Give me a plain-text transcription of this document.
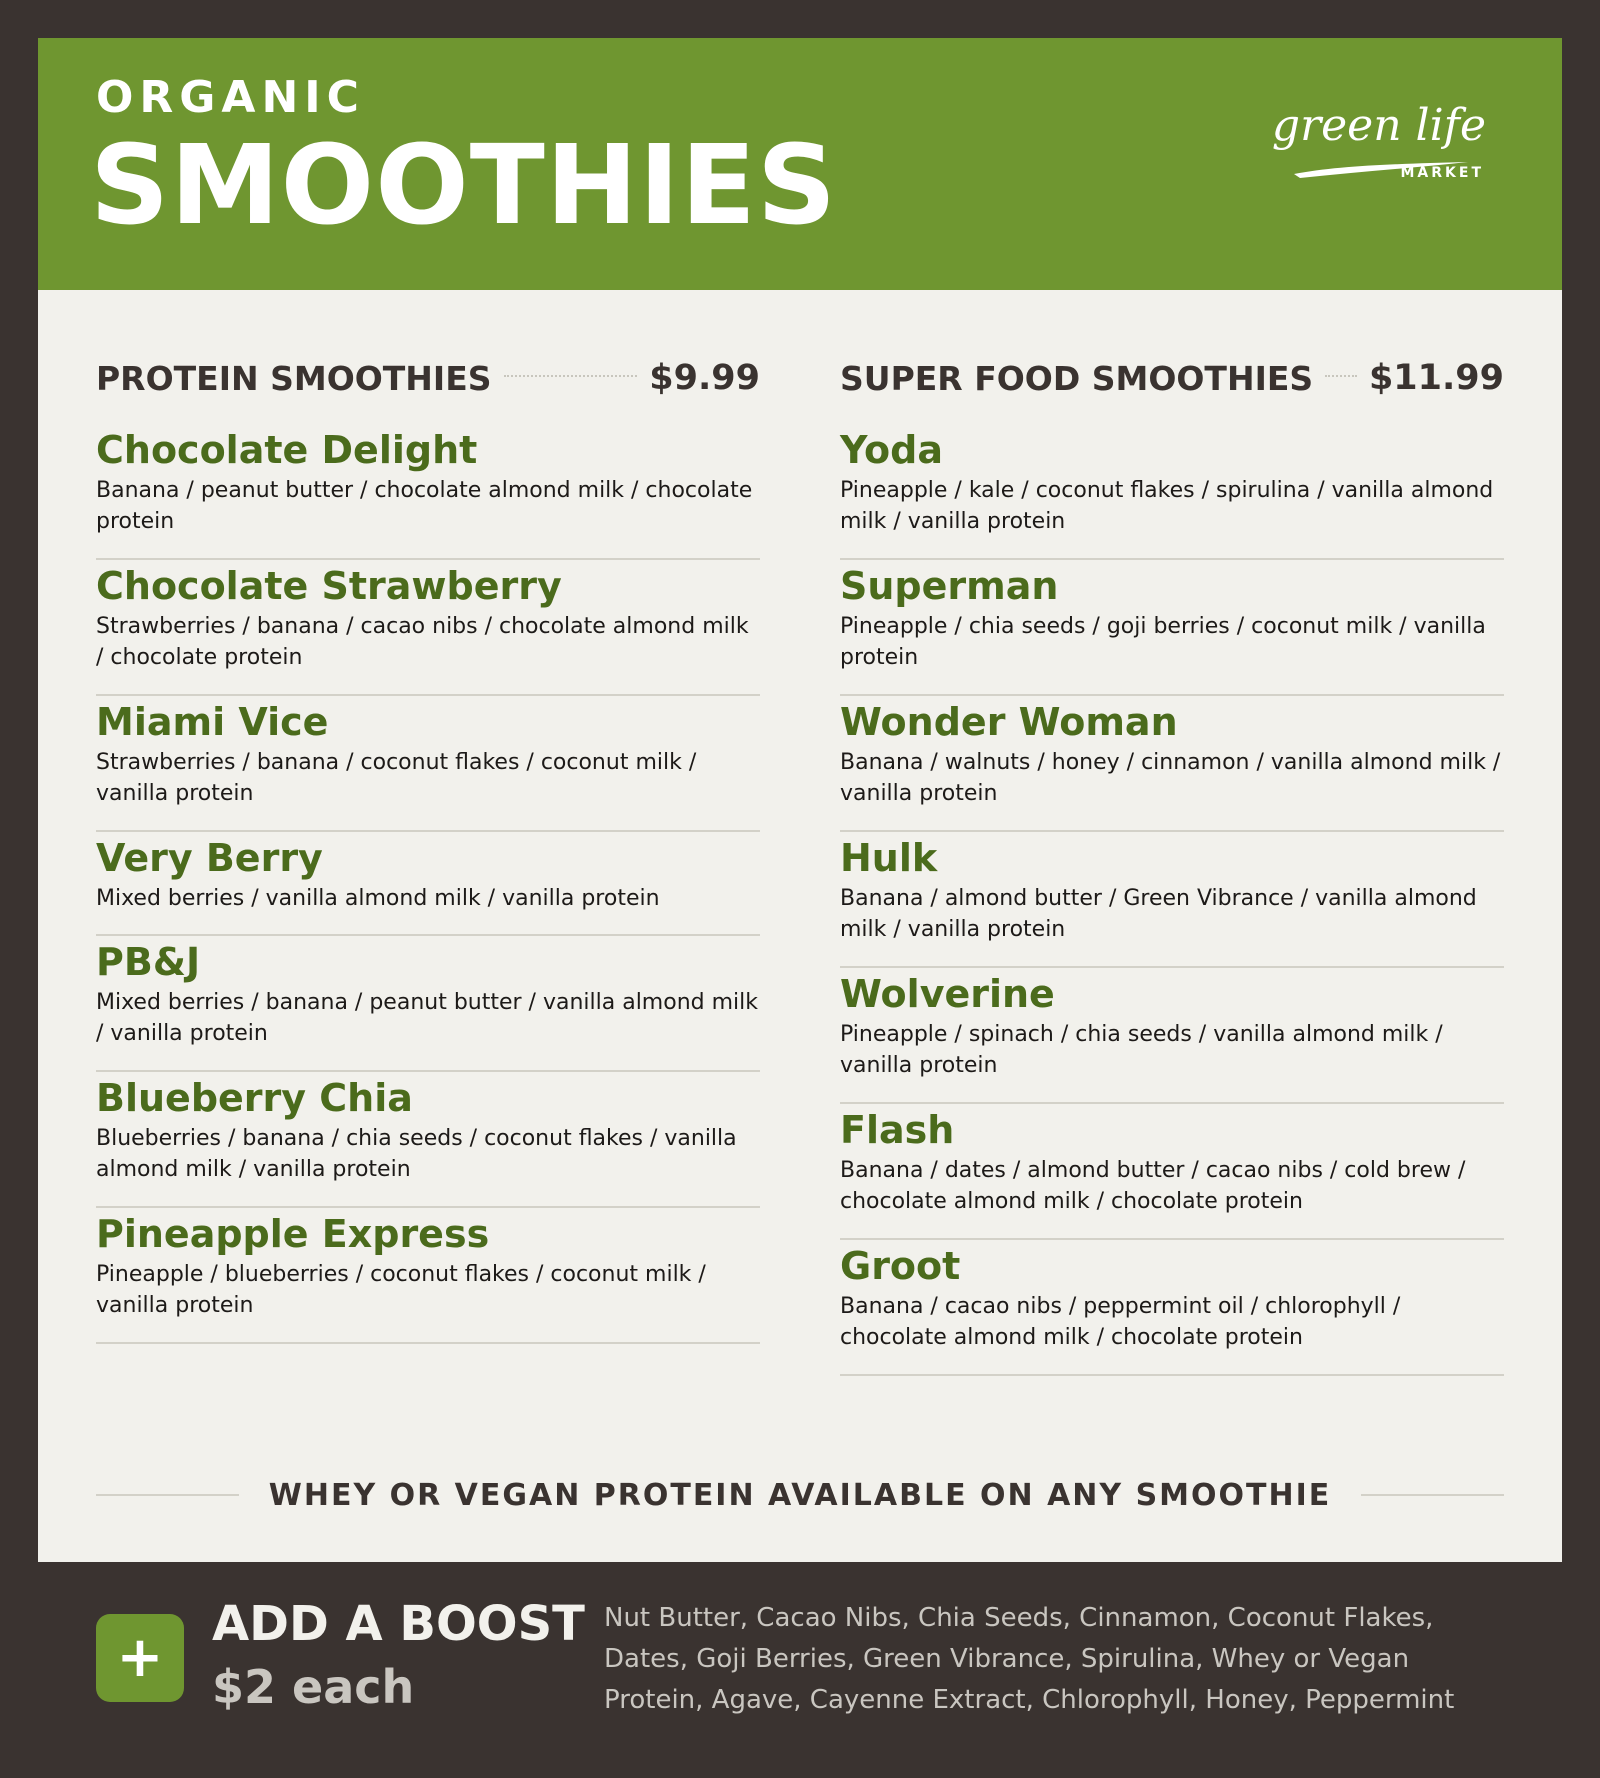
ORGANIC
SMOOTHIES	green life
MARKET
PROTEIN SMOOTHIES	$9.99
Chocolate Delight
Banana / peanut butter / chocolate almond milk / chocolate protein
Chocolate Strawberry
Strawberries / banana / cacao nibs / chocolate almond milk / chocolate protein
Miami Vice
Strawberries / banana / coconut flakes / coconut milk / vanilla protein
Very Berry
Mixed berries / vanilla almond milk / vanilla protein
PB&J
Mixed berries / banana / peanut butter / vanilla almond milk / vanilla protein
Blueberry Chia
Blueberries / banana / chia seeds / coconut flakes / vanilla almond milk / vanilla protein
Pineapple Express
Pineapple / blueberries / coconut flakes / coconut milk / vanilla protein
SUPER FOOD SMOOTHIES $11.99
Yoda
Pineapple / kale / coconut flakes / spirulina / vanilla almond milk / vanilla protein
Superman
Pineapple / chia seeds / goji berries / coconut milk / vanilla protein
Wonder Woman
Banana / walnuts / honey / cinnamon / vanilla almond milk / vanilla protein
Hulk
Banana / almond butter / Green Vibrance / vanilla almond milk / vanilla protein
Wolverine
Pineapple / spinach / chia seeds / vanilla almond milk / vanilla protein
Flash
Banana / dates / almond butter / cacao nibs / cold brew / chocolate almond milk / chocolate protein
Groot
Banana / cacao nibs / peppermint oil / chlorophyll / chocolate almond milk / chocolate protein
WHEY OR VEGAN PROTEIN AVAILABLE ON ANY SMOOTHIE
+
ADD A BOOST
$2 each
Nut Butter, Cacao Nibs, Chia Seeds, Cinnamon, Coconut Flakes, Dates, Goji Berries, Green Vibrance, Spirulina, Whey or Vegan Protein, Agave, Cayenne Extract, Chlorophyll, Honey, Peppermint
